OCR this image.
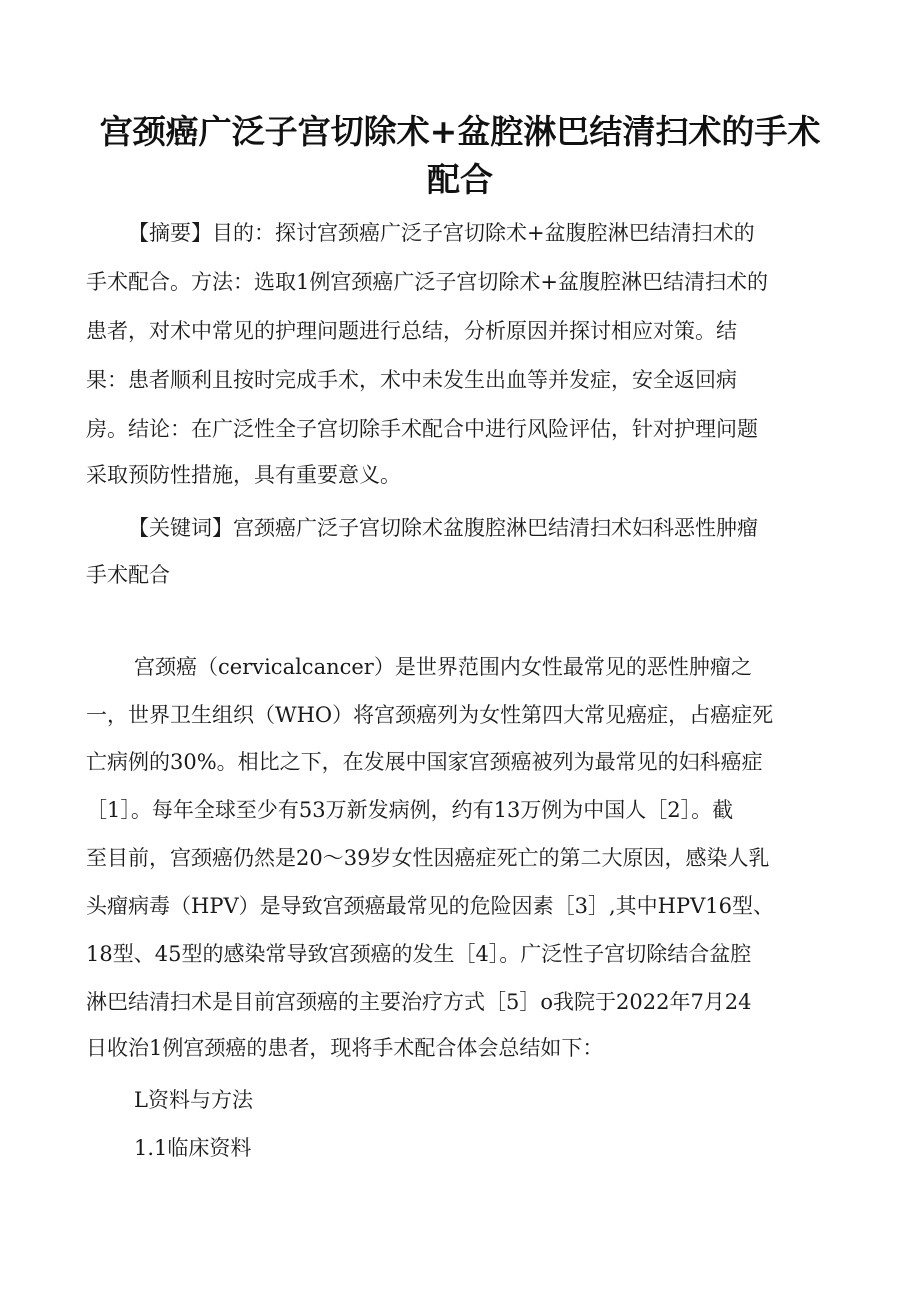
宫颈癌广泛子宫切除术+盆腔淋巴结清扫术的手术
配合

【摘要】目的：探讨宫颈癌广泛子宫切除术+盆腹腔淋巴结清扫术的

手术配合。方法：选取1例宫颈癌广泛子宫切除术+盆腹腔淋巴结清扫术的

患者，对术中常见的护理问题进行总结，分析原因并探讨相应对策。结

果：患者顺利且按时完成手术，术中未发生出血等并发症，安全返回病

房。结论：在广泛性全子宫切除手术配合中进行风险评估，针对护理问题

采取预防性措施，具有重要意义。

【关键词】宫颈癌广泛子宫切除术盆腹腔淋巴结清扫术妇科恶性肿瘤

手术配合

宫颈癌（cervicalcancer）是世界范围内女性最常见的恶性肿瘤之

一，世界卫生组织（WHO）将宫颈癌列为女性第四大常见癌症，占癌症死

亡病例的30%。相比之下，在发展中国家宫颈癌被列为最常见的妇科癌症

［1］。每年全球至少有53万新发病例，约有13万例为中国人［2］。截

至目前，宫颈癌仍然是20～39岁女性因癌症死亡的第二大原因，感染人乳

头瘤病毒（HPV）是导致宫颈癌最常见的危险因素［3］,其中HPV16型、

18型、45型的感染常导致宫颈癌的发生［4］。广泛性子宫切除结合盆腔

淋巴结清扫术是目前宫颈癌的主要治疗方式［5］o我院于2022年7月24

日收治1例宫颈癌的患者，现将手术配合体会总结如下：

L资料与方法

1.1临床资料
